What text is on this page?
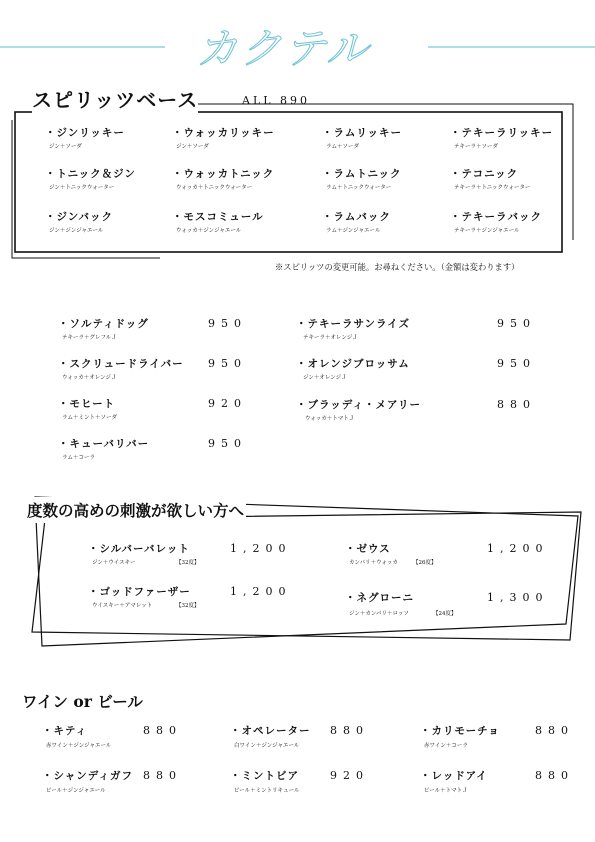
カクテル
スピリッツベース	ALL 890
・ジンリッキー
ジン＋ソーダ
・ウォッカリッキー
ジン＋ソーダ
・ラムリッキー
ラム＋ソーダ
・テキーラリッキー
テキーラ＋ソーダ
・トニック＆ジン
ジン＋トニックウォーター
・ウォッカトニック
ウォッカ＋トニックウォーター
・ラムトニック
ラム＋トニックウォーター
・テコニック
テキーラ＋トニックウォーター
・ジンバック
ジン＋ジンジャエール
・モスコミュール
ウォッカ＋ジンジャエール
・ラムバック
ラム＋ジンジャエール
・テキーラバック
テキーラ＋ジンジャエール
※スピリッツの変更可能。お尋ねください。（金額は変わります）
・ソルティドッグ
テキーラ＋グレフルＪ
950
・スクリュードライバー
ウォッカ＋オレンジＪ
950
・モヒート
ラム＋ミント＋ソーダ
920
・キューバリバー
ラム＋コーラ
950
・テキーラサンライズ
テキーラ＋オレンジＪ
950
・オレンジブロッサム
ジン＋オレンジＪ
950
・ブラッディ・メアリー
ウォッカ＋トマトＪ
880
度数の高めの刺激が欲しい方へ
・シルバーバレット
ジン＋ウイスキー	【32度】
1,200
・ゴッドファーザー
ウイスキー＋アマレット	【32度】
1,200
・ゼウス
カンパリ＋ウォッカ	【26度】
1,200
・ネグローニ
ジン＋カンパリ＋ロッソ	【24度】
1,300
ワイン or ビール
・キティ
赤ワイン＋ジンジャエール
880	・オペレーター
白ワイン＋ジンジャエール
880	・カリモーチョ
赤ワイン＋コーラ
880
・シャンディガフ
ビール＋ジンジャエール
880	・ミントビア
ビール＋ミントリキュール
920	・レッドアイ
ビール＋トマトＪ
880
